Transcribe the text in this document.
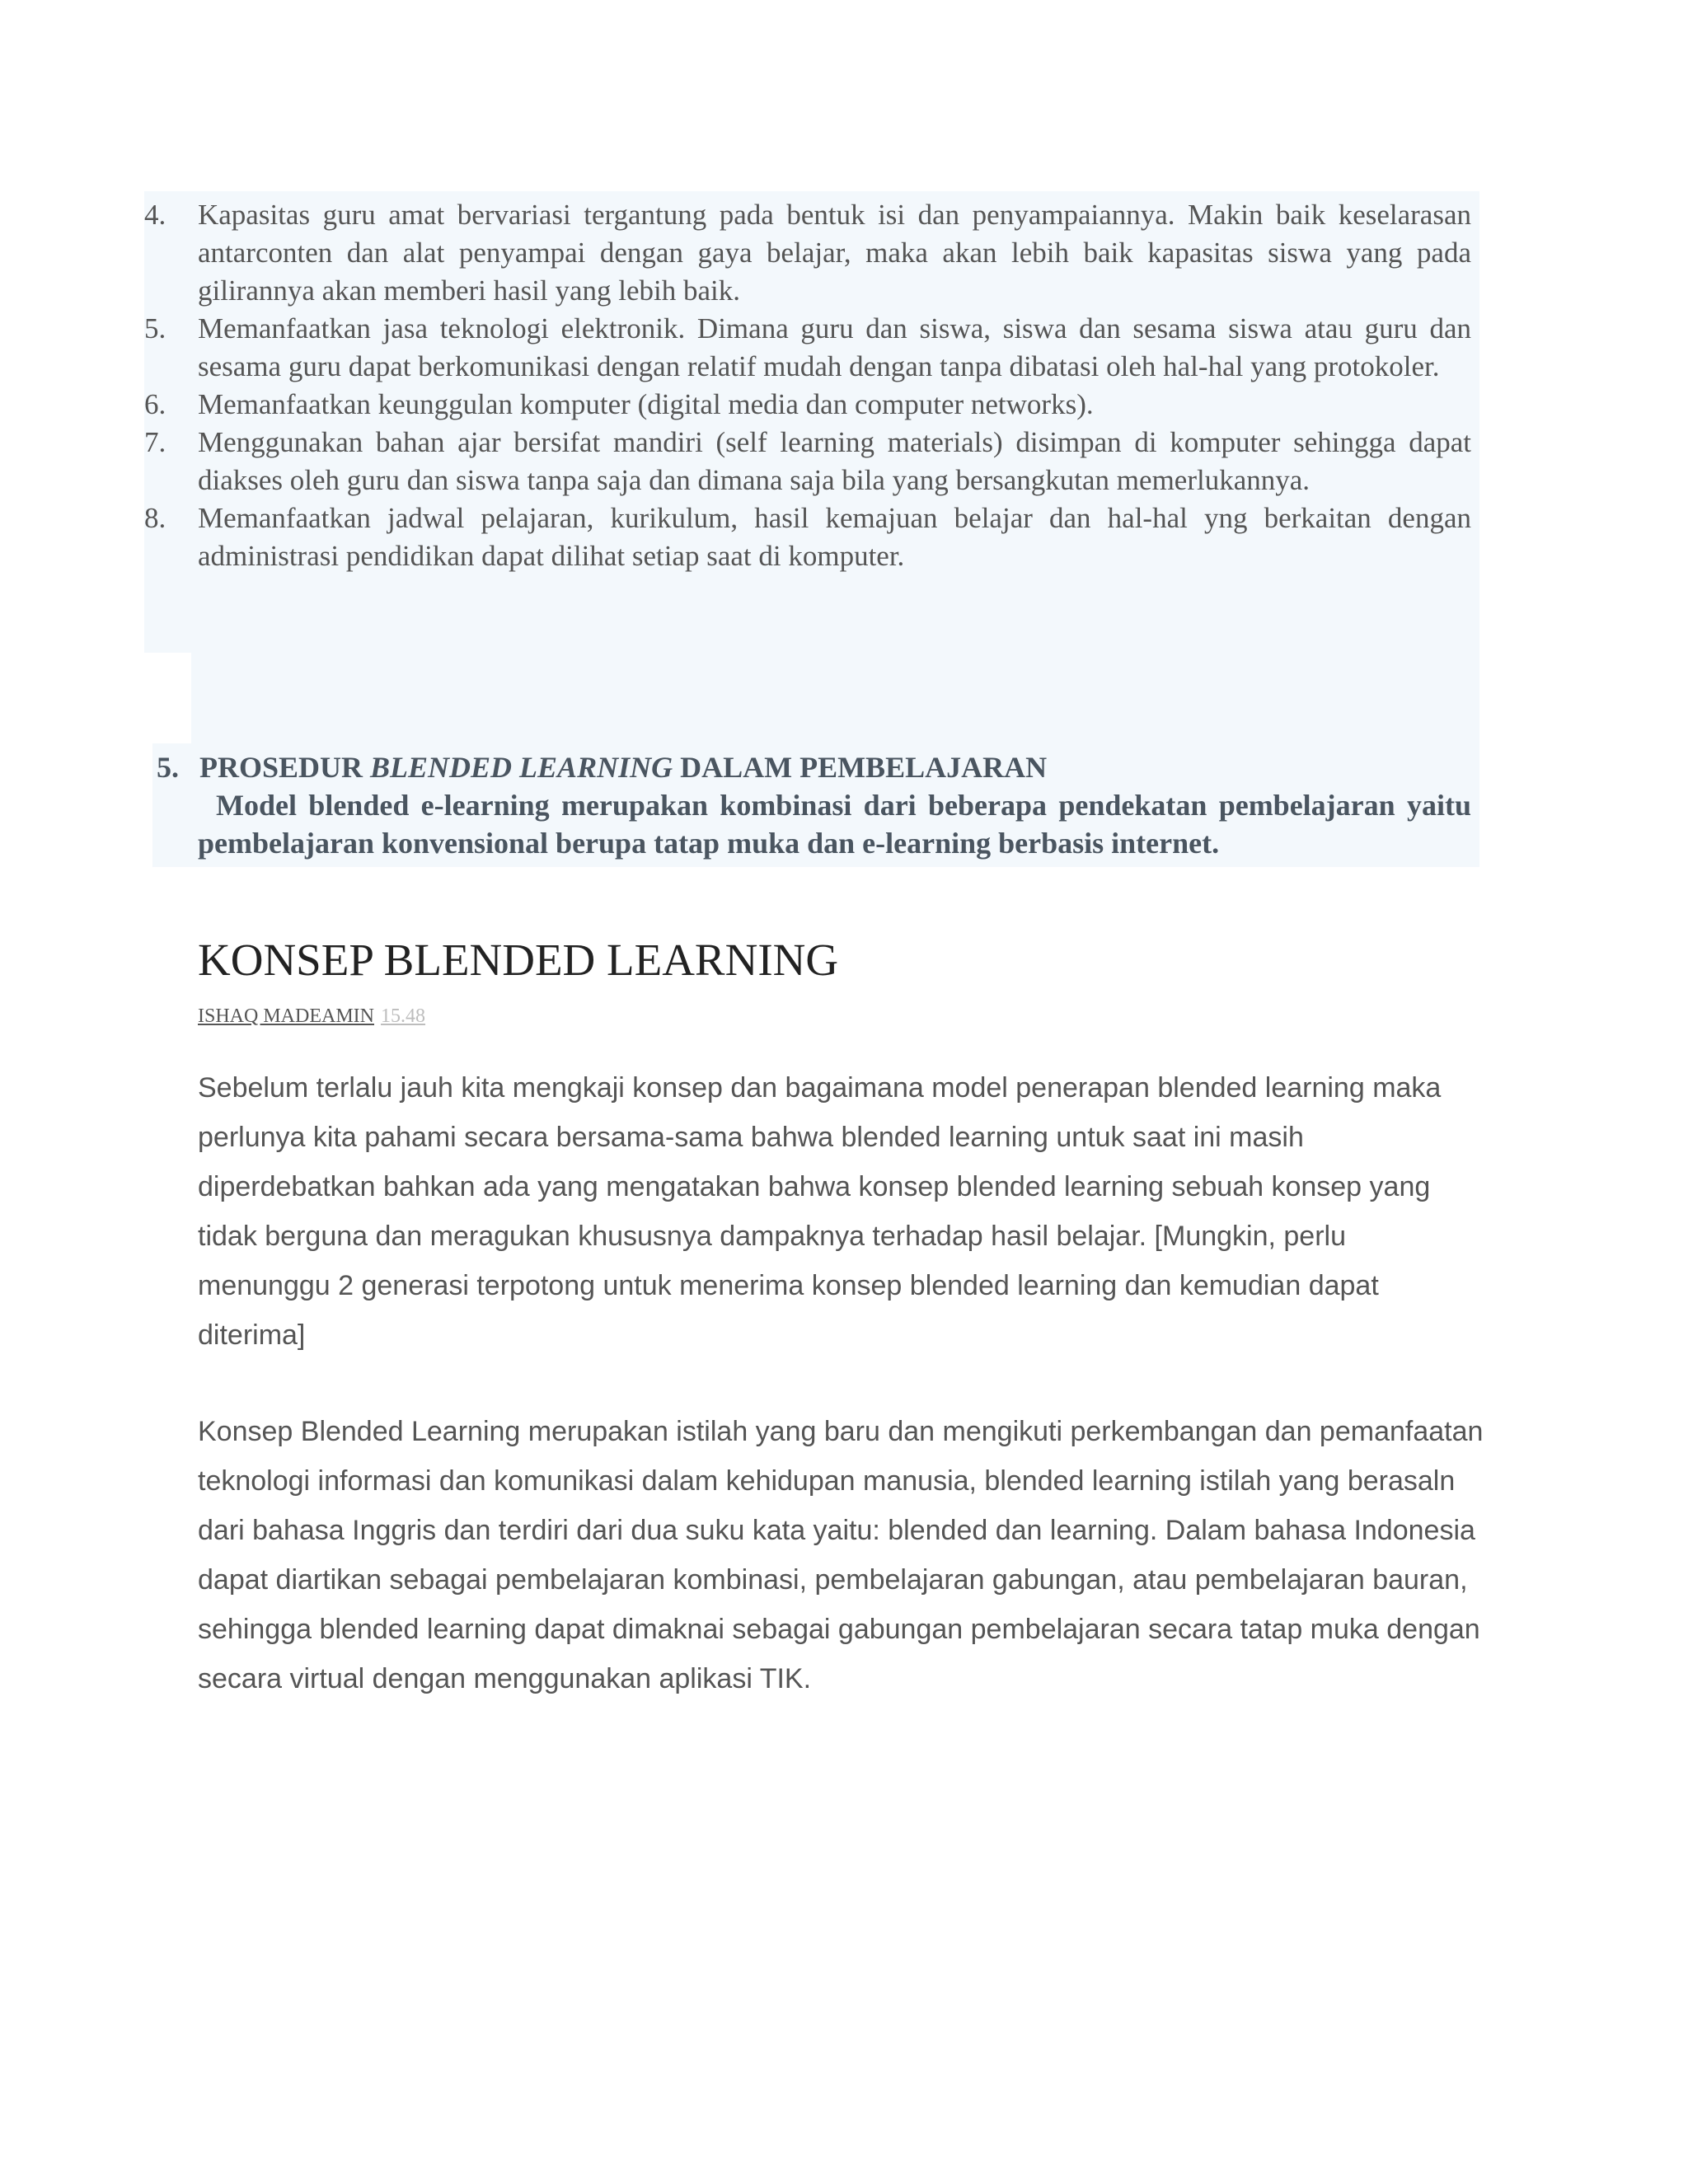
4.	Kapasitas guru amat bervariasi tergantung pada bentuk isi dan penyampaiannya. Makin baik keselarasan antarconten dan alat penyampai dengan gaya belajar, maka akan lebih baik kapasitas siswa yang pada gilirannya akan memberi hasil yang lebih baik.
5.	Memanfaatkan jasa teknologi elektronik. Dimana guru dan siswa, siswa dan sesama siswa atau guru dan sesama guru dapat berkomunikasi dengan relatif mudah dengan tanpa dibatasi oleh hal-hal yang protokoler.
6.	Memanfaatkan keunggulan komputer (digital media dan computer networks).
7.	Menggunakan bahan ajar bersifat mandiri (self learning materials) disimpan di komputer sehingga dapat diakses oleh guru dan siswa tanpa saja dan dimana saja bila yang bersangkutan memerlukannya.
8.	Memanfaatkan jadwal pelajaran, kurikulum, hasil kemajuan belajar dan hal-hal yng berkaitan dengan administrasi pendidikan dapat dilihat setiap saat di komputer.
5. PROSEDUR BLENDED LEARNING DALAM PEMBELAJARAN

Model blended e-learning merupakan kombinasi dari beberapa pendekatan pembelajaran yaitu pembelajaran konvensional berupa tatap muka dan e-learning berbasis internet.

KONSEP BLENDED LEARNING
ISHAQ MADEAMIN 15.48

Sebelum terlalu jauh kita mengkaji konsep dan bagaimana model penerapan blended learning maka perlunya kita pahami secara bersama-sama bahwa blended learning untuk saat ini masih diperdebatkan bahkan ada yang mengatakan bahwa konsep blended learning sebuah konsep yang tidak berguna dan meragukan khususnya dampaknya terhadap hasil belajar. [Mungkin, perlu menunggu 2 generasi terpotong untuk menerima konsep blended learning dan kemudian dapat diterima]

Konsep Blended Learning merupakan istilah yang baru dan mengikuti perkembangan dan pemanfaatan teknologi informasi dan komunikasi dalam kehidupan manusia, blended learning istilah yang berasaln dari bahasa Inggris dan terdiri dari dua suku kata yaitu: blended dan learning. Dalam bahasa Indonesia dapat diartikan sebagai pembelajaran kombinasi, pembelajaran gabungan, atau pembelajaran bauran, sehingga blended learning dapat dimaknai sebagai gabungan pembelajaran secara tatap muka dengan secara virtual dengan menggunakan aplikasi TIK.
